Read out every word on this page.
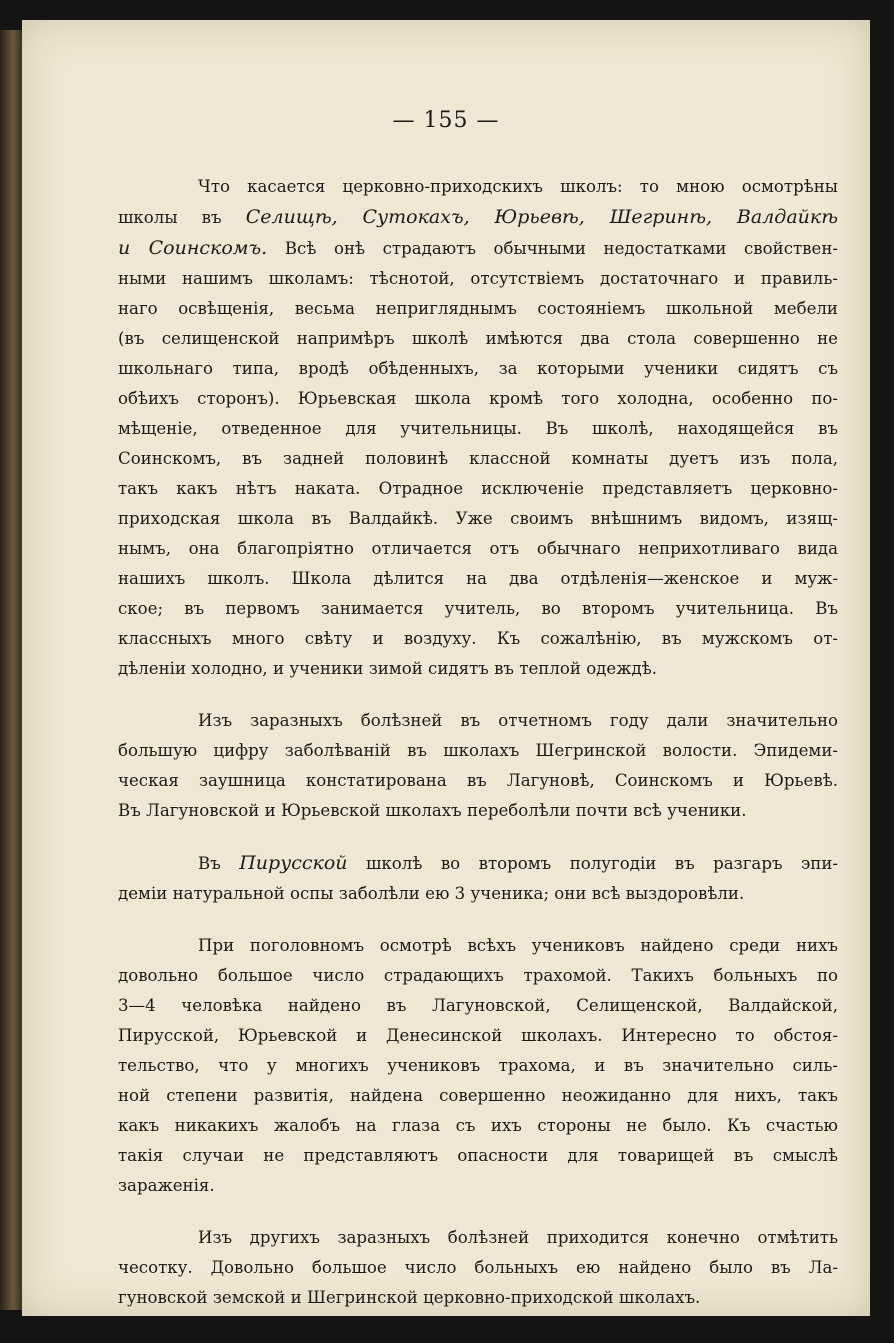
— 155 —
Что касается церковно-приходскихъ школъ: то мною осмотрѣны
школы въ Селищѣ, Сутокахъ, Юрьевѣ, Шегринѣ, Валдайкѣ
и Соинскомъ. Всѣ онѣ страдаютъ обычными недостатками свойствен-
ными нашимъ школамъ: тѣснотой, отсутствіемъ достаточнаго и правиль-
наго освѣщенія, весьма непригляднымъ состояніемъ школьной мебели
(въ селищенской напримѣръ школѣ имѣются два стола совершенно не
школьнаго типа, вродѣ обѣденныхъ, за которыми ученики сидятъ съ
обѣихъ сторонъ). Юрьевская школа кромѣ того холодна, особенно по-
мѣщеніе, отведенное для учительницы. Въ школѣ, находящейся въ
Соинскомъ, въ задней половинѣ классной комнаты дуетъ изъ пола,
такъ какъ нѣтъ наката. Отрадное исключеніе представляетъ церковно-
приходская школа въ Валдайкѣ. Уже своимъ внѣшнимъ видомъ, изящ-
нымъ, она благопріятно отличается отъ обычнаго неприхотливаго вида
нашихъ школъ. Школа дѣлится на два отдѣленія—женское и муж-
ское; въ первомъ занимается учитель, во второмъ учительница. Въ
классныхъ много свѣту и воздуху. Къ сожалѣнію, въ мужскомъ от-
дѣленіи холодно, и ученики зимой сидятъ въ теплой одеждѣ.
Изъ заразныхъ болѣзней въ отчетномъ году дали значительно
большую цифру заболѣваній въ школахъ Шегринской волости. Эпидеми-
ческая заушница констатирована въ Лагуновѣ, Соинскомъ и Юрьевѣ.
Въ Лагуновской и Юрьевской школахъ переболѣли почти всѣ ученики.
Въ Пирусской школѣ во второмъ полугодіи въ разгаръ эпи-
деміи натуральной оспы заболѣли ею 3 ученика; они всѣ выздоровѣли.
При поголовномъ осмотрѣ всѣхъ учениковъ найдено среди нихъ
довольно большое число страдающихъ трахомой. Такихъ больныхъ по
3—4 человѣка найдено въ Лагуновской, Селищенской, Валдайской,
Пирусской, Юрьевской и Денесинской школахъ. Интересно то обстоя-
тельство, что у многихъ учениковъ трахома, и въ значительно силь-
ной степени развитія, найдена совершенно неожиданно для нихъ, такъ
какъ никакихъ жалобъ на глаза съ ихъ стороны не было. Къ счастью
такія случаи не представляютъ опасности для товарищей въ смыслѣ
зараженія.
Изъ другихъ заразныхъ болѣзней приходится конечно отмѣтить
чесотку. Довольно большое число больныхъ ею найдено было въ Ла-
гуновской земской и Шегринской церковно-приходской школахъ.
